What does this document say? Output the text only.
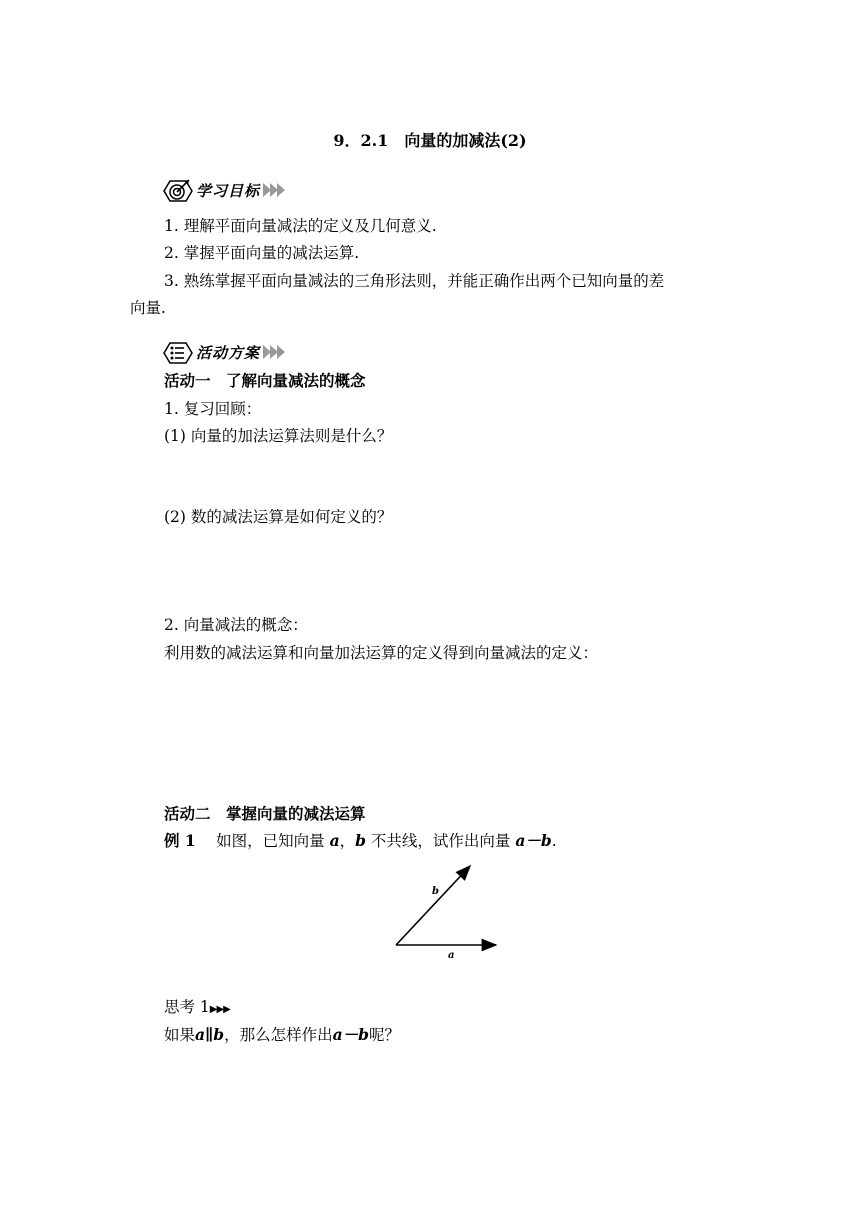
9．2.1　向量的加减法(2)
学习目标
1. 理解平面向量减法的定义及几何意义.
2. 掌握平面向量的减法运算.
3. 熟练掌握平面向量减法的三角形法则，并能正确作出两个已知向量的差
向量.
活动方案
活动一　了解向量减法的概念
1. 复习回顾：
(1) 向量的加法运算法则是什么？
(2) 数的减法运算是如何定义的？
2. 向量减法的概念：
利用数的减法运算和向量加法运算的定义得到向量减法的定义：
活动二　掌握向量的减法运算
例 1　 如图，已知向量 a，b 不共线，试作出向量 a－b.
a
b
思考 1▶▶▶
如果a∥b，那么怎样作出a－b呢？
